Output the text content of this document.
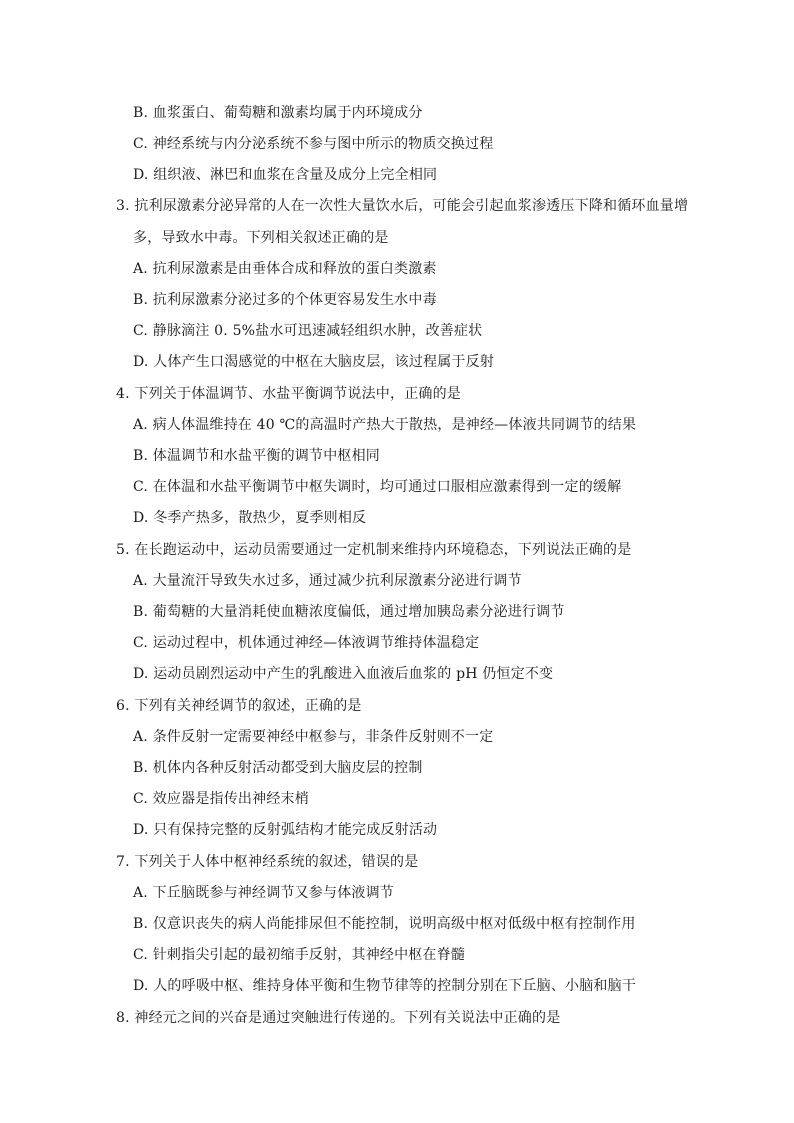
B. 血浆蛋白、葡萄糖和激素均属于内环境成分
C. 神经系统与内分泌系统不参与图中所示的物质交换过程
D. 组织液、淋巴和血浆在含量及成分上完全相同
3. 抗利尿激素分泌异常的人在一次性大量饮水后，可能会引起血浆渗透压下降和循环血量增
多，导致水中毒。下列相关叙述正确的是
A. 抗利尿激素是由垂体合成和释放的蛋白类激素
B. 抗利尿激素分泌过多的个体更容易发生水中毒
C. 静脉滴注 0. 5%盐水可迅速减轻组织水肿，改善症状
D. 人体产生口渴感觉的中枢在大脑皮层，该过程属于反射
4. 下列关于体温调节、水盐平衡调节说法中，正确的是
A. 病人体温维持在 40 ℃的高温时产热大于散热，是神经—体液共同调节的结果
B. 体温调节和水盐平衡的调节中枢相同
C. 在体温和水盐平衡调节中枢失调时，均可通过口服相应激素得到一定的缓解
D. 冬季产热多，散热少，夏季则相反
5. 在长跑运动中，运动员需要通过一定机制来维持内环境稳态，下列说法正确的是
A. 大量流汗导致失水过多，通过减少抗利尿激素分泌进行调节
B. 葡萄糖的大量消耗使血糖浓度偏低，通过增加胰岛素分泌进行调节
C. 运动过程中，机体通过神经—体液调节维持体温稳定
D. 运动员剧烈运动中产生的乳酸进入血液后血浆的 pH 仍恒定不变
6. 下列有关神经调节的叙述，正确的是
A. 条件反射一定需要神经中枢参与，非条件反射则不一定
B. 机体内各种反射活动都受到大脑皮层的控制
C. 效应器是指传出神经末梢
D. 只有保持完整的反射弧结构才能完成反射活动
7. 下列关于人体中枢神经系统的叙述，错误的是
A. 下丘脑既参与神经调节又参与体液调节
B. 仅意识丧失的病人尚能排尿但不能控制，说明高级中枢对低级中枢有控制作用
C. 针刺指尖引起的最初缩手反射，其神经中枢在脊髓
D. 人的呼吸中枢、维持身体平衡和生物节律等的控制分别在下丘脑、小脑和脑干
8. 神经元之间的兴奋是通过突触进行传递的。下列有关说法中正确的是
